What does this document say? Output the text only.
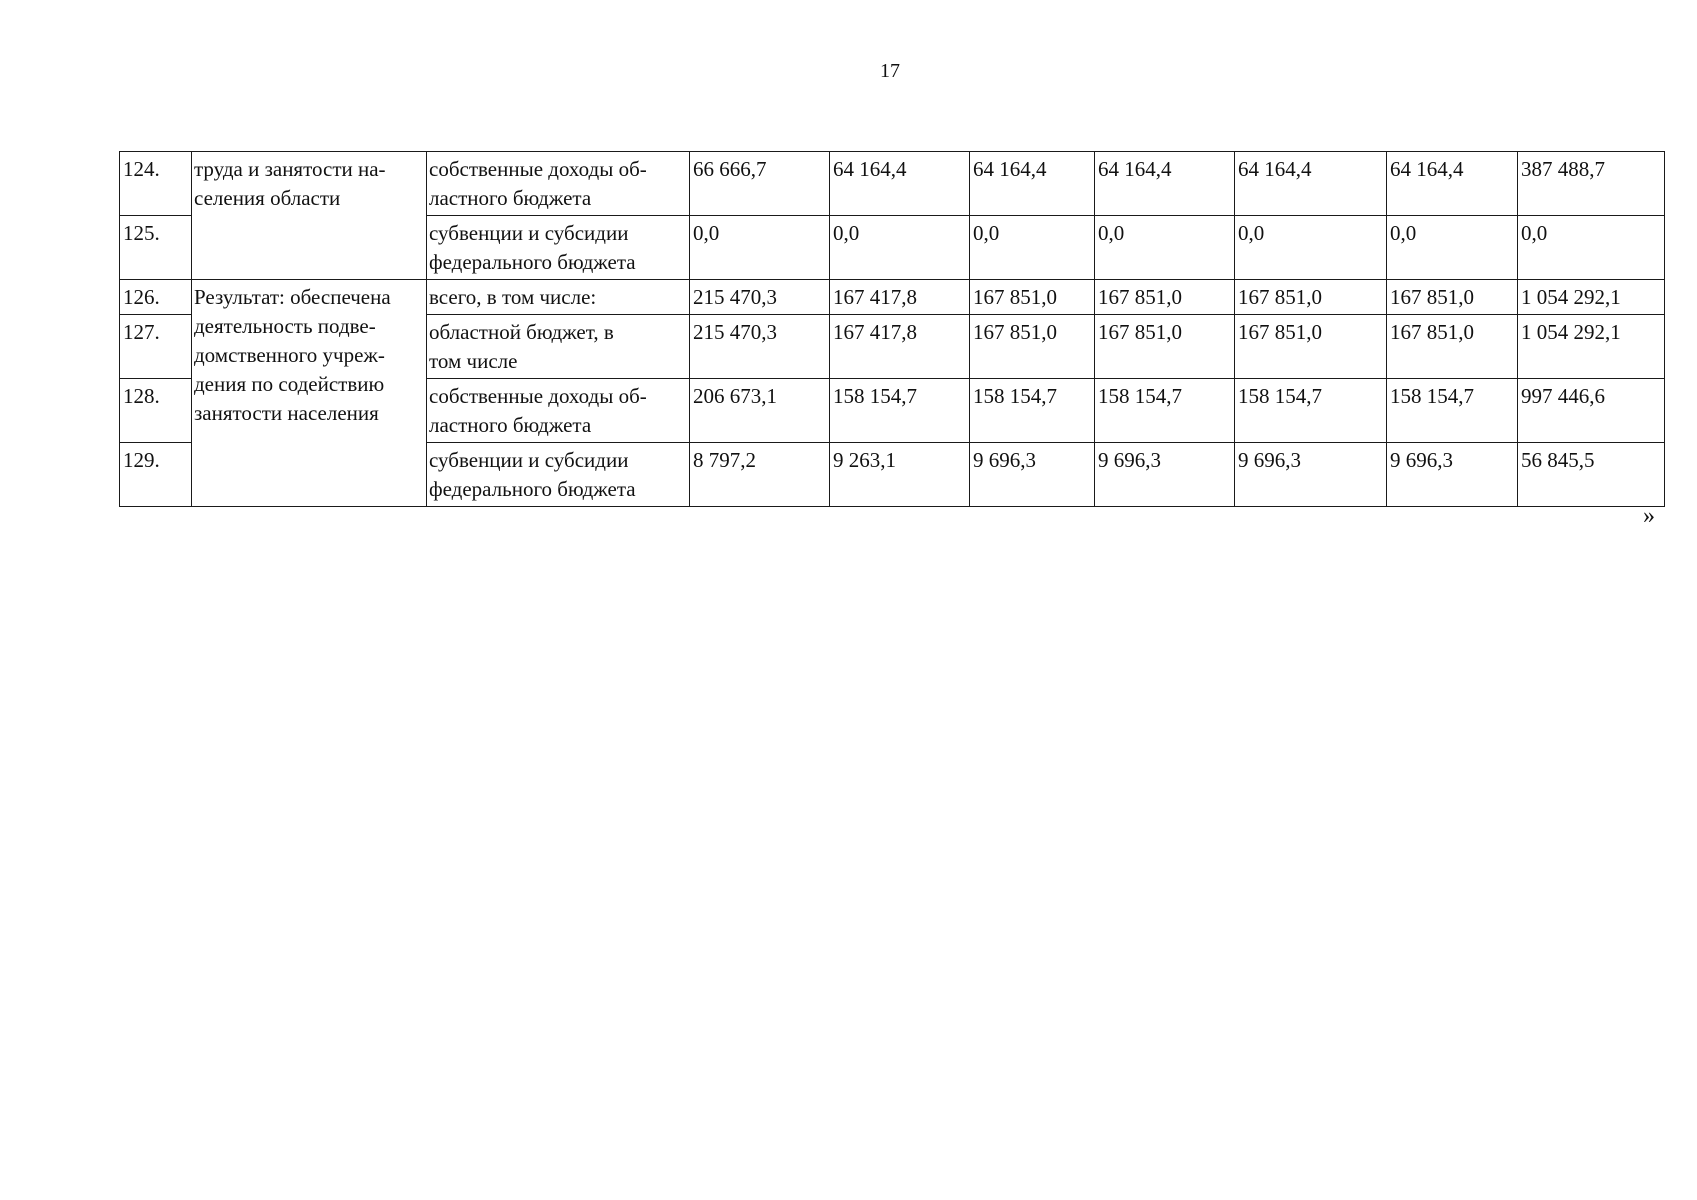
17
124.	труда и занятости на-
селения области	собственные доходы об-
ластного бюджета	66 666,7	64 164,4	64 164,4	64 164,4	64 164,4	64 164,4	387 488,7
125.		субвенции и субсидии
федерального бюджета	0,0	0,0	0,0	0,0	0,0	0,0	0,0
126.	Результат: обеспечена
деятельность подве-
домственного учреж-
дения по содействию
занятости населения	всего, в том числе:	215 470,3	167 417,8	167 851,0	167 851,0	167 851,0	167 851,0	1 054 292,1
127.		областной бюджет, в
том числе	215 470,3	167 417,8	167 851,0	167 851,0	167 851,0	167 851,0	1 054 292,1
128.		собственные доходы об-
ластного бюджета	206 673,1	158 154,7	158 154,7	158 154,7	158 154,7	158 154,7	997 446,6
129.		субвенции и субсидии
федерального бюджета	8 797,2	9 263,1	9 696,3	9 696,3	9 696,3	9 696,3	56 845,5
»
